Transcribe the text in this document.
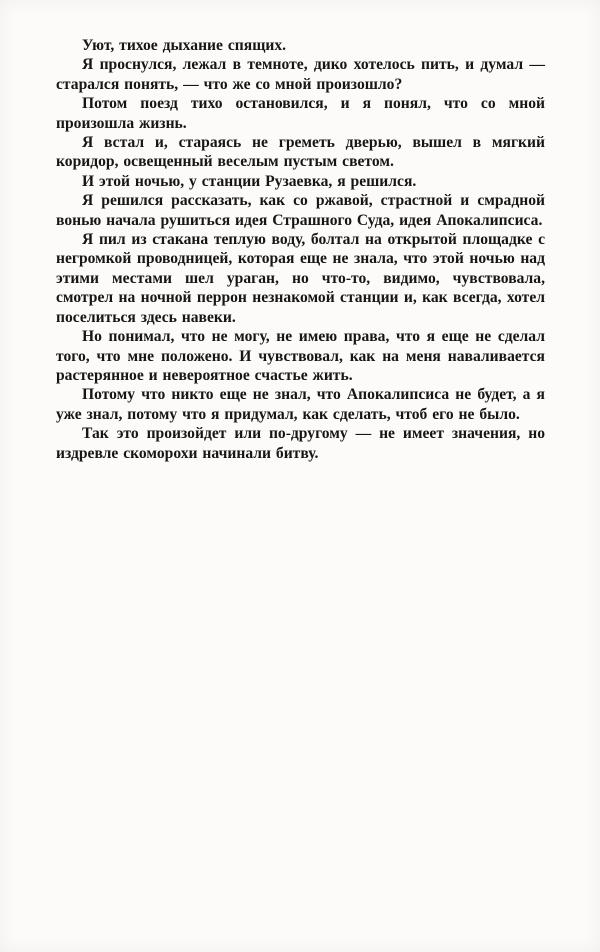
Уют, тихое дыхание спящих.

Я проснулся, лежал в темноте, дико хотелось пить, и думал — старался понять, — что же со мной произошло?

Потом поезд тихо остановился, и я понял, что со мной произошла жизнь.

Я встал и, стараясь не греметь дверью, вышел в мягкий коридор, освещенный веселым пустым светом.

И этой ночью, у станции Рузаевка, я решился.

Я решился рассказать, как со ржавой, страстной и смрадной вонью начала рушиться идея Страшного Суда, идея Апокалипсиса.

Я пил из стакана теплую воду, болтал на открытой площадке с негромкой проводницей, которая еще не знала, что этой ночью над этими местами шел ураган, но что-то, видимо, чувствовала, смотрел на ночной перрон незнакомой станции и, как всегда, хотел поселиться здесь навеки.

Но понимал, что не могу, не имею права, что я еще не сделал того, что мне положено. И чувствовал, как на меня наваливается растерянное и невероятное счастье жить.

Потому что никто еще не знал, что Апокалипсиса не будет, а я уже знал, потому что я придумал, как сделать, чтоб его не было.

Так это произойдет или по-другому — не имеет значения, но издревле скоморохи начинали битву.
